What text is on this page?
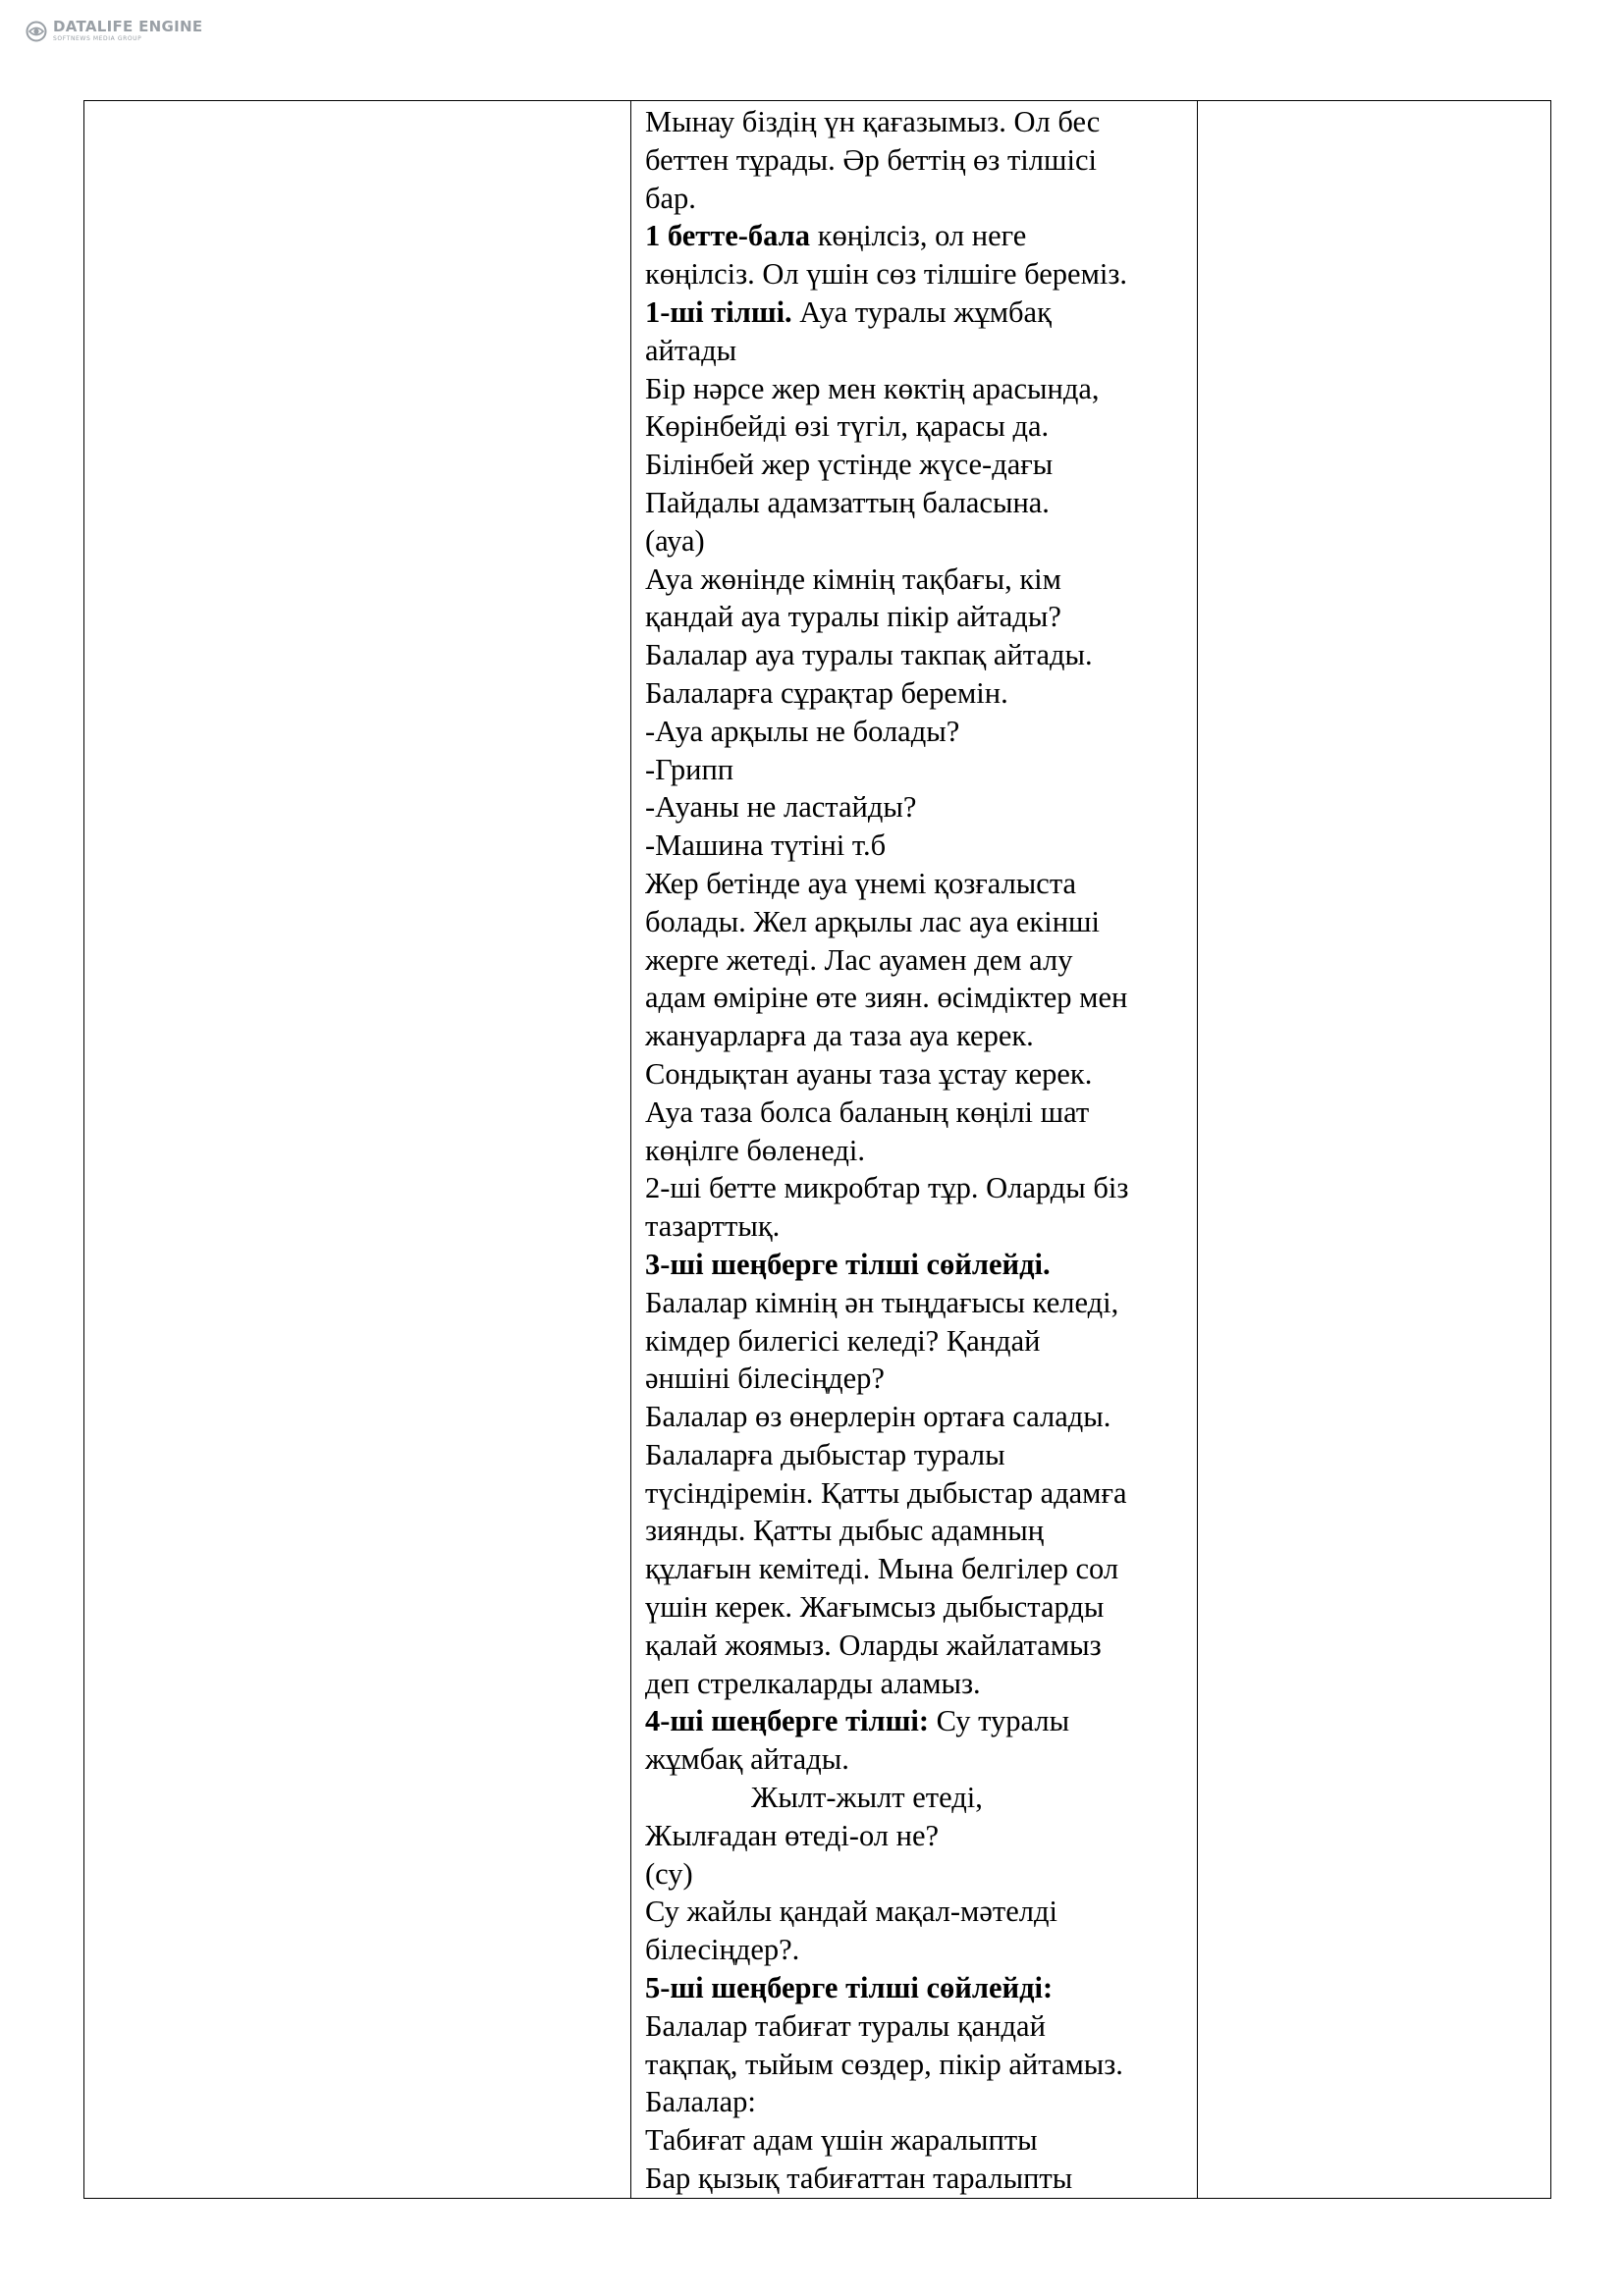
DATALIFE ENGINE
SOFTNEWS MEDIA GROUP

Мынау біздің үн қағазымыз. Ол бес
беттен тұрады. Әр беттің өз тілшісі
бар.
1 бетте-бала көңілсіз, ол неге
көңілсіз. Ол үшін сөз тілшіге береміз.
1-ші тілші. Ауа туралы жұмбақ
айтады
Бір нәрсе жер мен көктің арасында,
Көрінбейді өзі түгіл, қарасы да.
Білінбей жер үстінде жүсе-дағы
Пайдалы адамзаттың баласына.
(ауа)
Ауа жөнінде кімнің тақбағы, кім
қандай ауа туралы пікір айтады?
Балалар ауа туралы такпақ айтады.
Балаларға сұрақтар беремін.
-Ауа арқылы не болады?
-Грипп
-Ауаны не ластайды?
-Машина түтіні т.б
Жер бетінде ауа үнемі қозғалыста
болады. Жел арқылы лас ауа екінші
жерге жетеді. Лас ауамен дем алу
адам өміріне өте зиян. өсімдіктер мен
жануарларға да таза ауа керек.
Сондықтан ауаны таза ұстау керек.
Ауа таза болса баланың көңілі шат
көңілге бөленеді.
2-ші бетте микробтар тұр. Оларды біз
тазарттық.
3-ші шеңберге тілші сөйлейді.
Балалар кімнің ән тыңдағысы келеді,
кімдер билегісі келеді? Қандай
әншіні білесіңдер?
Балалар өз өнерлерін ортаға салады.
Балаларға дыбыстар туралы
түсіндіремін. Қатты дыбыстар адамға
зиянды. Қатты дыбыс адамның
құлағын кемітеді. Мына белгілер сол
үшін керек. Жағымсыз дыбыстарды
қалай жоямыз. Оларды жайлатамыз
деп стрелкаларды аламыз.
4-ші шеңберге тілші: Су туралы
жұмбақ айтады.
Жылт-жылт етеді,
Жылғадан өтеді-ол не?
(су)
Су жайлы қандай мақал-мәтелді
білесіңдер?.
5-ші шеңберге тілші сөйлейді:
Балалар табиғат туралы қандай
тақпақ, тыйым сөздер, пікір айтамыз.
Балалар:
Табиғат адам үшін жаралыпты
Бар қызық табиғаттан таралыпты
